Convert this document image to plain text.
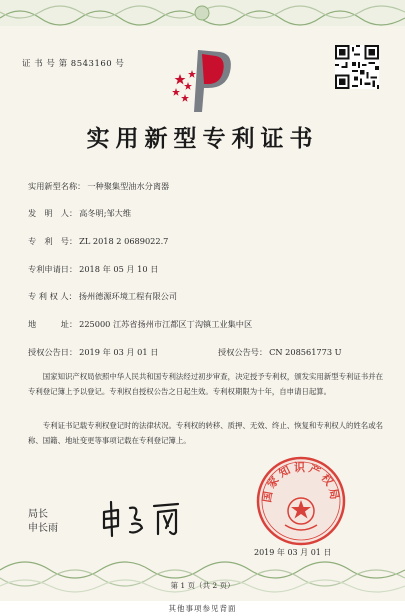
证 书 号 第 8543160 号
实用新型专利证书
实用新型名称： 一种聚集型油水分离器
发　明　人： 高冬明;邹大维
专　利　号： ZL 2018 2 0689022.7
专利申请日： 2018 年 05 月 10 日
专 利 权 人： 扬州德源环境工程有限公司
地　　　址： 225000 江苏省扬州市江都区丁沟镇工业集中区
授权公告日： 2019 年 03 月 01 日	授权公告号： CN 208561773 U
国家知识产权局依照中华人民共和国专利法经过初步审查，决定授予专利权，颁发实用新型专利证书并在专利登记簿上予以登记。专利权自授权公告之日起生效。专利权期限为十年，自申请日起算。
专利证书记载专利权登记时的法律状况。专利权的转移、质押、无效、终止、恢复和专利权人的姓名或名称、国籍、地址变更等事项记载在专利登记簿上。
国家知识产权局
局长
申长雨
2019 年 03 月 01 日
第 1 页（共 2 页）
其他事项参见背面
